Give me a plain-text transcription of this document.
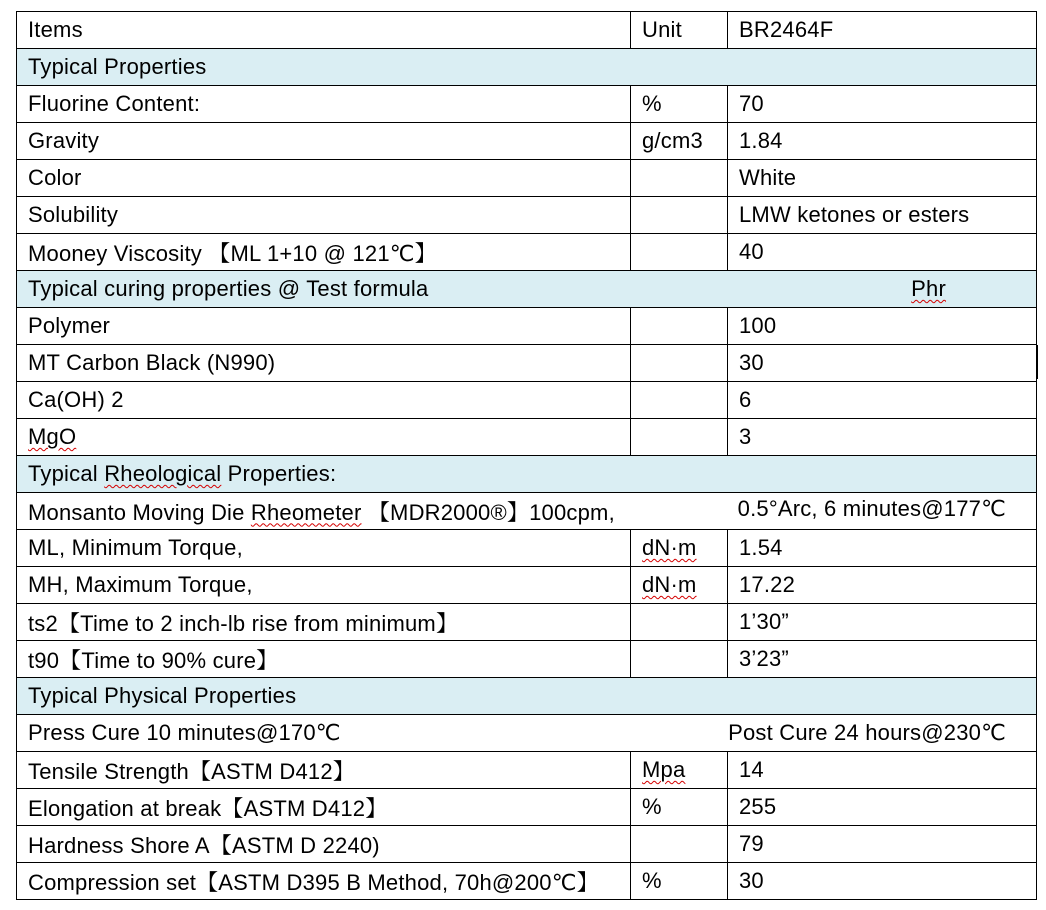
Items	Unit	BR2464F
Typical Properties		
Fluorine Content:	%	70
Gravity	g/cm3	1.84
Color		White
Solubility		LMW ketones or esters
Mooney Viscosity 【ML 1+10 @ 121℃】		40

Typical curing properties @ Test formula Phr		

Polymer		100
MT Carbon Black (N990)		30
Ca(OH) 2		6
MgO		3
Typical Rheological Properties:		

Monsanto Moving Die Rheometer 【MDR2000®】100cpm, 0.5°Arc, 6 minutes@177℃		

ML, Minimum Torque,	dN·m	1.54
MH, Maximum Torque,	dN·m	17.22
ts2【Time to 2 inch-lb rise from minimum】		1’30”
t90【Time to 90% cure】		3’23”
Typical Physical Properties		

Press Cure 10 minutes@170℃ Post Cure 24 hours@230℃		

Tensile Strength【ASTM D412】	Mpa	14
Elongation at break【ASTM D412】	%	255
Hardness Shore A【ASTM D 2240)		79
Compression set【ASTM D395 B Method, 70h@200℃】	%	30
